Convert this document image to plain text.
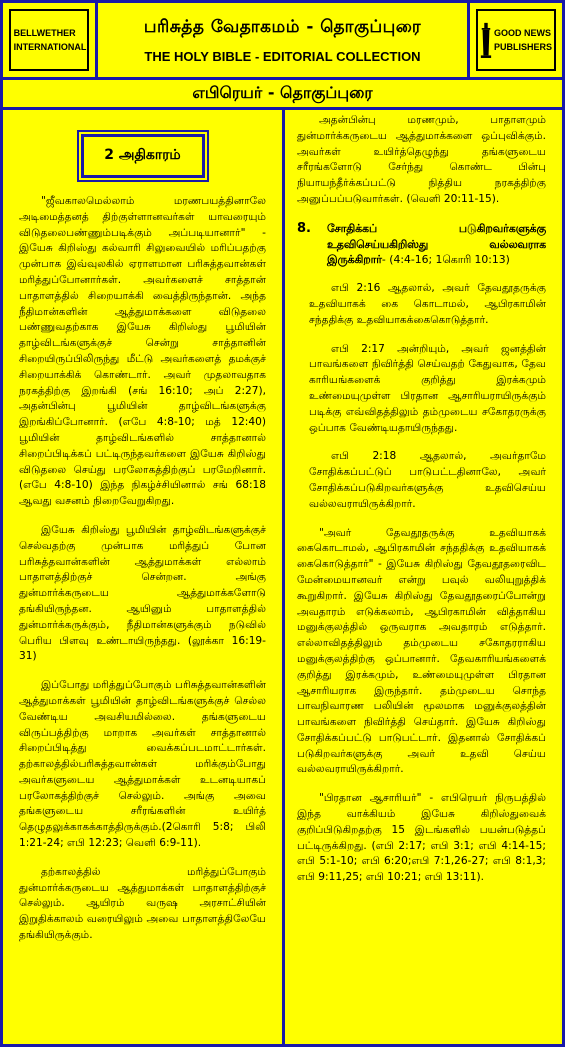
BELLWETHER
INTERNATIONAL
பரிசுத்த வேதாகமம் - தொகுப்புரை
THE HOLY BIBLE - EDITORIAL COLLECTION
GOOD NEWS
PUBLISHERS
எபிரெயர் - தொகுப்புரை
2 அதிகாரம்

"ஜீவகாலமெல்லாம் மரணபயத்தினாலே அடிமைத்தனத் திற்குள்ளானவர்கள் யாவரையும் விடுதலைபண்ணும்படிக்கும் அப்படியானார்" - இயேசு கிறிஸ்து கல்வாரி சிலுவையில் மரிப்பதற்கு முன்பாக இவ்வுலகில் ஏராளமான பரிசுத்தவான்கள் மரித்துப்போனார்கள். அவர்களைச் சாத்தான் பாதாளத்தில் சிறையாக்கி வைத்திருந்தான். அந்த நீதிமான்களின் ஆத்துமாக்களை விடுதலை பண்ணுவதற்காக இயேசு கிறிஸ்து பூமியின் தாழ்விடங்களுக்குச் சென்று சாத்தானின் சிறையிருப்பிலிருந்து மீட்டு அவர்களைத் தமக்குச் சிறையாக்கிக் கொண்டார். அவர் முதலாவதாக நரகத்திற்கு இறங்கி (சங் 16:10; அப் 2:27), அதன்பின்பு பூமியின் தாழ்விடங்களுக்கு இறங்கிப்போனார். (எபே 4:8-10; மத் 12:40) பூமியின் தாழ்விடங்களில் சாத்தானால் சிறைப்பிடிக்கப் பட்டிருந்தவர்களை இயேசு கிறிஸ்து விடுதலை செய்து பரலோகத்திற்குப் பரமேறினார். (எபே 4:8-10) இந்த நிகழ்ச்சியினால் சங் 68:18 ஆவது வசனம் நிறைவேறுகிறது.

இயேசு கிறிஸ்து பூமியின் தாழ்விடங்களுக்குச் செல்வதற்கு முன்பாக மரித்துப் போன பரிசுத்தவான்களின் ஆத்துமாக்கள் எல்லாம் பாதாளத்திற்குச் சென்றன. அங்கு துன்மார்க்கருடைய ஆத்துமாக்களோடு தங்கியிருந்தன. ஆயினும் பாதாளத்தில் துன்மார்க்கருக்கும், நீதிமான்களுக்கும் நடுவில் பெரிய பிளவு உண்டாயிருந்தது. (லூக்கா 16:19-31)

இப்போது மரித்துப்போகும் பரிசுத்தவான்களின் ஆத்துமாக்கள் பூமியின் தாழ்விடங்களுக்குச் செல்ல வேண்டிய அவசியமில்லை. தங்களுடைய விருப்பத்திற்கு மாறாக அவர்கள் சாத்தானால் சிறைப்பிடித்து வைக்கப்படமாட்டார்கள். தற்காலத்தில்பரிசுத்தவான்கள் மரிக்கும்போது அவர்களுடைய ஆத்துமாக்கள் உடனடியாகப் பரலோகத்திற்குச் செல்லும். அங்கு அவை தங்களுடைய சரீரங்களின் உயிர்த் தெழுதலுக்காகக்காத்திருக்கும்.(2கொரி 5:8; பிலி 1:21-24; எபி 12:23; வெளி 6:9-11).

தற்காலத்தில் மரித்துப்போகும் துன்மார்க்கருடைய ஆத்துமாக்கள் பாதாளத்திற்குச் செல்லும். ஆயிரம் வருஷ அரசாட்சியின் இறுதிக்காலம் வரையிலும் அவை பாதாளத்திலேயே தங்கியிருக்கும்.

அதன்பின்பு மரணமும், பாதாளமும் துன்மார்க்கருடைய ஆத்துமாக்களை ஒப்புவிக்கும். அவர்கள் உயிர்த்தெழுந்து தங்களுடைய சரீரங்களோடு சேர்ந்து கொண்ட பின்பு நியாயந்தீர்க்கப்பட்டு நித்திய நரகத்திற்கு அனுப்பப்படுவார்கள். (வெளி 20:11-15).

8.	சோதிக்கப் படுகிறவர்களுக்கு உதவிசெய்யகிறிஸ்து வல்லவராக இருக்கிறார்- (4:4-16; 1கொரி 10:13)

எபி 2:16 ஆதலால், அவர் தேவதூதருக்கு உதவியாகக் கை கொடாமல், ஆபிரகாமின் சந்ததிக்கு உதவியாகக்கைகொடுத்தார்.

எபி 2:17 அன்றியும், அவர் ஜனத்தின் பாவங்களை நிவிர்த்தி செய்வதற் கேதுவாக, தேவ காரியங்களைக் குறித்து இரக்கமும் உண்மையுமுள்ள பிரதான ஆசாரியராயிருக்கும் படிக்கு எவ்விதத்திலும் தம்முடைய சகோதரருக்கு ஒப்பாக வேண்டியதாயிருந்தது.

எபி 2:18 ஆதலால், அவர்தாமே சோதிக்கப்பட்டுப் பாடுபட்டதினாலே, அவர் சோதிக்கப்படுகிறவர்களுக்கு உதவிசெய்ய வல்லவராயிருக்கிறார்.

"அவர் தேவதூதருக்கு உதவியாகக் கைகொடாமல், ஆபிரகாமின் சந்ததிக்கு உதவியாகக் கைகொடுத்தார்" - இயேசு கிறிஸ்து தேவதூதரைவிட மேன்மையானவர் என்று பவுல் வலியுறுத்திக் கூறுகிறார். இயேசு கிறிஸ்து தேவதூதரைப்போன்று அவதாரம் எடுக்கலாம், ஆபிரகாமின் வித்தாகிய மனுக்குலத்தில் ஒருவராக அவதாரம் எடுத்தார். எல்லாவிதத்திலும் தம்முடைய சகோதரராகிய மனுக்குலத்திற்கு ஒப்பானார். தேவகாரியங்களைக் குறித்து இரக்கமும், உண்மையுமுள்ள பிரதான ஆசாரியராக இருந்தார். தம்முடைய சொந்த பாவநிவாரண பலியின் மூலமாக மனுக்குலத்தின் பாவங்களை நிவிர்த்தி செய்தார். இயேசு கிறிஸ்து சோதிக்கப்பட்டு பாடுபட்டார். இதனால் சோதிக்கப் படுகிறவர்களுக்கு அவர் உதவி செய்ய வல்லவராயிருக்கிறார்.

"பிரதான ஆசாரியர்" - எபிரெயர் நிருபத்தில் இந்த வாக்கியம் இயேசு கிறிஸ்துவைக் குறிப்பிடுகிறதற்கு 15 இடங்களில் பயன்படுத்தப் பட்டிருக்கிறது. (எபி 2:17; எபி 3:1; எபி 4:14-15; எபி 5:1-10; எபி 6:20;எபி 7:1,26-27; எபி 8:1,3; எபி 9:11,25; எபி 10:21; எபி 13:11).
